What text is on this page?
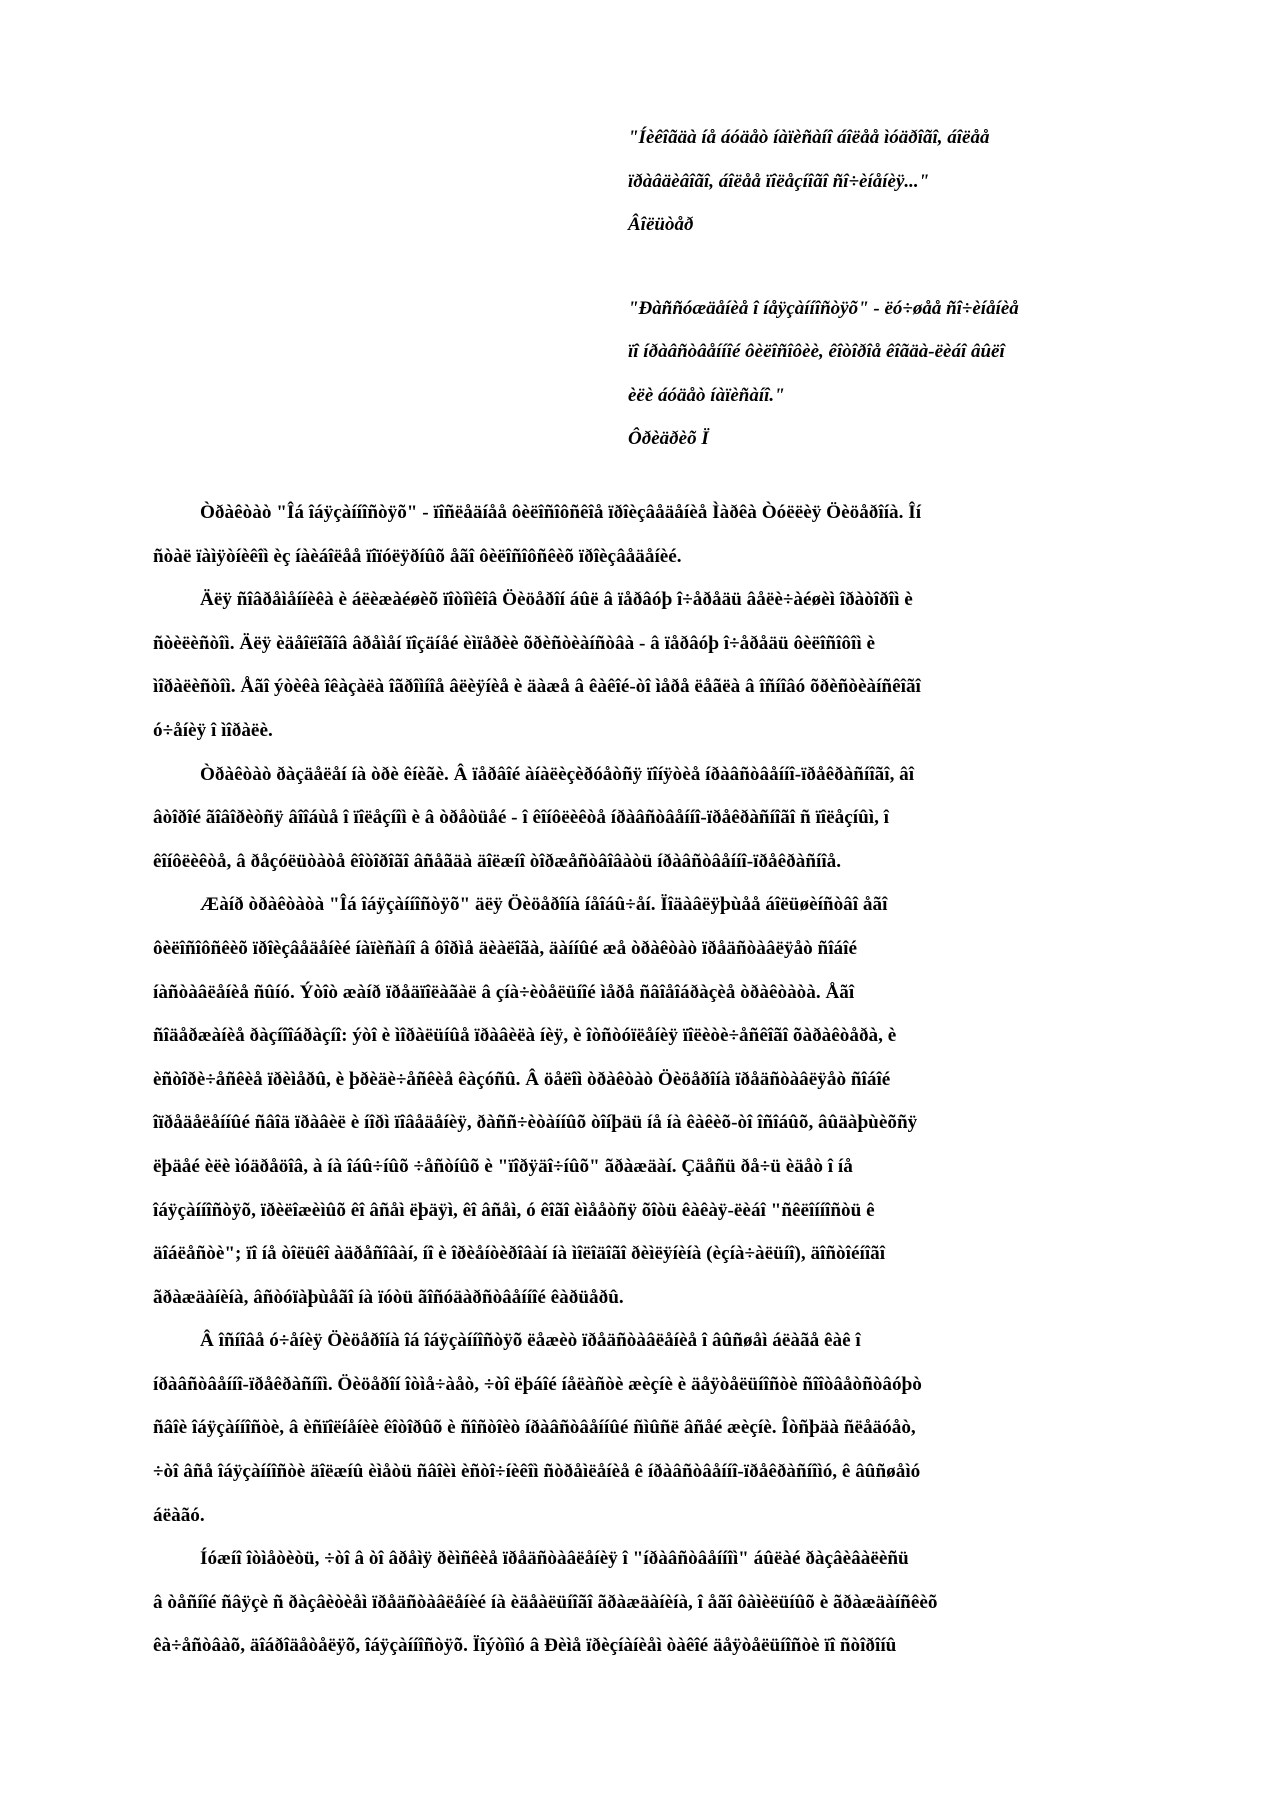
"Íèêîãäà íå áóäåò íàïèñàíî áîëåå ìóäðîãî, áîëåå
ïðàâäèâîãî, áîëåå ïîëåçíîãî ñî÷èíåíèÿ..."
Âîëüòåð
"Ðàññóæäåíèå î íåÿçàííîñòÿõ" - ëó÷øåå ñî÷èíåíèå
ïî íðàâñòâåííîé ôèëîñîôèè, êîòîðîå êîãäà-ëèáî âûëî
èëè áóäåò íàïèñàíî."
Ôðèäðèõ Ï
Òðàêòàò "Îá îáÿçàííîñòÿõ" - ïîñëåäíåå ôèëîñîôñêîå ïðîèçâåäåíèå Ìàðêà Òóëëèÿ Öèöåðîíà. Îí
ñòàë ïàìÿòíèêîì èç íàèáîëåå ïîïóëÿðíûõ åãî ôèëîñîôñêèõ ïðîèçâåäåíèé.
Äëÿ ñîâðåìåííèêà è áëèæàéøèõ ïîòîìêîâ Öèöåðîí áûë â ïåðâóþ î÷åðåäü âåëè÷àéøèì îðàòîðîì è
ñòèëèñòîì. Äëÿ èäåîëîãîâ âðåìåí ïîçäíåé èìïåðèè õðèñòèàíñòâà - â ïåðâóþ î÷åðåäü ôèëîñîôîì è
ìîðàëèñòîì. Åãî ýòèêà îêàçàëà îãðîìíîå âëèÿíèå è äàæå â êàêîé-òî ìåðå ëåãëà â îñíîâó õðèñòèàíñêîãî
ó÷åíèÿ î ìîðàëè.
Òðàêòàò ðàçäåëåí íà òðè êíèãè. Â ïåðâîé àíàëèçèðóåòñÿ ïîíÿòèå íðàâñòâåííî-ïðåêðàñíîãî, âî
âòîðîé ãîâîðèòñÿ âîîáùå î ïîëåçíîì è â òðåòüåé - î êîíôëèêòå íðàâñòâåííî-ïðåêðàñíîãî ñ ïîëåçíûì, î
êîíôëèêòå, â ðåçóëüòàòå êîòîðîãî âñåãäà äîëæíî òîðæåñòâîâàòü íðàâñòâåííî-ïðåêðàñíîå.
Æàíð òðàêòàòà "Îá îáÿçàííîñòÿõ" äëÿ Öèöåðîíà íåîáû÷åí. Ïîäàâëÿþùåå áîëüøèíñòâî åãî
ôèëîñîôñêèõ ïðîèçâåäåíèé íàïèñàíî â ôîðìå äèàëîãà, äàííûé æå òðàêòàò ïðåäñòàâëÿåò ñîáîé
íàñòàâëåíèå ñûíó. Ýòîò æàíð ïðåäïîëàãàë â çíà÷èòåëüíîé ìåðå ñâîåîáðàçèå òðàêòàòà. Åãî
ñîäåðæàíèå ðàçíîîáðàçíî: ýòî è ìîðàëüíûå ïðàâèëà íèÿ, è îòñòóïëåíèÿ ïîëèòè÷åñêîãî õàðàêòåðà, è
èñòîðè÷åñêèå ïðèìåðû, è þðèäè÷åñêèå êàçóñû. Â öåëîì òðàêòàò Öèöåðîíà ïðåäñòàâëÿåò ñîáîé
îïðåäåëåííûé ñâîä ïðàâèë è íîðì ïîâåäåíèÿ, ðàññ÷èòàííûõ òîíþäü íå íà êàêèõ-òî îñîáûõ, âûäàþùèõñÿ
ëþäåé èëè ìóäðåöîâ, à íà îáû÷íûõ ÷åñòíûõ è "ïîðÿäî÷íûõ" ãðàæäàí. Çäåñü ðå÷ü èäåò î íå
îáÿçàííîñòÿõ, ïðèëîæèìûõ êî âñåì ëþäÿì, êî âñåì, ó êîãî èìååòñÿ õîòü êàêàÿ-ëèáî "ñêëîííîñòü ê
äîáëåñòè"; ïî íå òîëüêî àäðåñîâàí, íî è îðèåíòèðîâàí íà ìîëîäîãî ðèìëÿíèíà (èçíà÷àëüíî), äîñòîéíîãî
ãðàæäàíèíà, âñòóïàþùåãî íà ïóòü ãîñóäàðñòâåííîé êàðüåðû.
Â îñíîâå ó÷åíèÿ Öèöåðîíà îá îáÿçàííîñòÿõ ëåæèò ïðåäñòàâëåíèå î âûñøåì áëàãå êàê î
íðàâñòâåííî-ïðåêðàñíîì. Öèöåðîí îòìå÷àåò, ÷òî ëþáîé íåëàñòè æèçíè è äåÿòåëüíîñòè ñîîòâåòñòâóþò
ñâîè îáÿçàííîñòè, â èñïîëíåíèè êîòîðûõ è ñîñòîèò íðàâñòâåííûé ñìûñë âñåé æèçíè. Îòñþäà ñëåäóåò,
÷òî âñå îáÿçàííîñòè äîëæíû èìåòü ñâîèì èñòî÷íèêîì ñòðåìëåíèå ê íðàâñòâåííî-ïðåêðàñíîìó, ê âûñøåìó
áëàãó.
Íóæíî îòìåòèòü, ÷òî â òî âðåìÿ ðèìñêèå ïðåäñòàâëåíèÿ î "íðàâñòâåííîì" áûëàé ðàçâèâàëèñü
â òåñíîé ñâÿçè ñ ðàçâèòèåì ïðåäñòàâëåíèé íà èäåàëüíîãî ãðàæäàíèíà, î åãî ôàìèëüíûõ è ãðàæäàíñêèõ
êà÷åñòâàõ, äîáðîäåòåëÿõ, îáÿçàííîñòÿõ. Ïîýòîìó â Ðèìå ïðèçíàíèåì òàêîé äåÿòåëüíîñòè ïî ñòîðîíû
